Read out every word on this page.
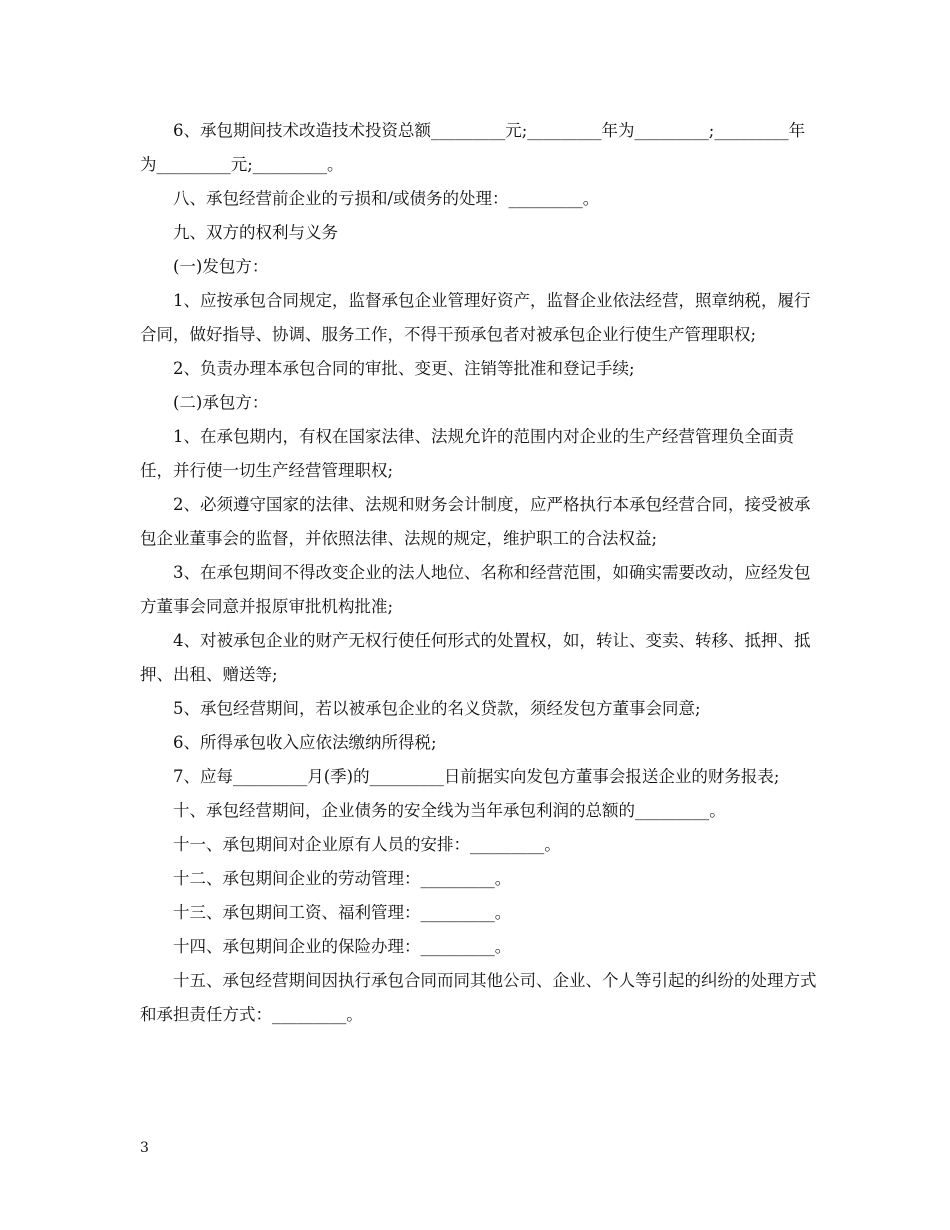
6、承包期间技术改造技术投资总额_________元;_________年为_________;_________年为_________元;_________。

八、承包经营前企业的亏损和/或债务的处理：_________。

九、双方的权利与义务

(一)发包方：

1、应按承包合同规定，监督承包企业管理好资产，监督企业依法经营，照章纳税，履行合同，做好指导、协调、服务工作，不得干预承包者对被承包企业行使生产管理职权;

2、负责办理本承包合同的审批、变更、注销等批准和登记手续;

(二)承包方：

1、在承包期内，有权在国家法律、法规允许的范围内对企业的生产经营管理负全面责任，并行使一切生产经营管理职权;

2、必须遵守国家的法律、法规和财务会计制度，应严格执行本承包经营合同，接受被承包企业董事会的监督，并依照法律、法规的规定，维护职工的合法权益;

3、在承包期间不得改变企业的法人地位、名称和经营范围，如确实需要改动，应经发包方董事会同意并报原审批机构批准;

4、对被承包企业的财产无权行使任何形式的处置权，如，转让、变卖、转移、抵押、抵押、出租、赠送等;

5、承包经营期间，若以被承包企业的名义贷款，须经发包方董事会同意;

6、所得承包收入应依法缴纳所得税;

7、应每_________月(季)的_________日前据实向发包方董事会报送企业的财务报表;

十、承包经营期间，企业债务的安全线为当年承包利润的总额的_________。

十一、承包期间对企业原有人员的安排：_________。

十二、承包期间企业的劳动管理：_________。

十三、承包期间工资、福利管理：_________。

十四、承包期间企业的保险办理：_________。

十五、承包经营期间因执行承包合同而同其他公司、企业、个人等引起的纠纷的处理方式和承担责任方式：_________。

3
